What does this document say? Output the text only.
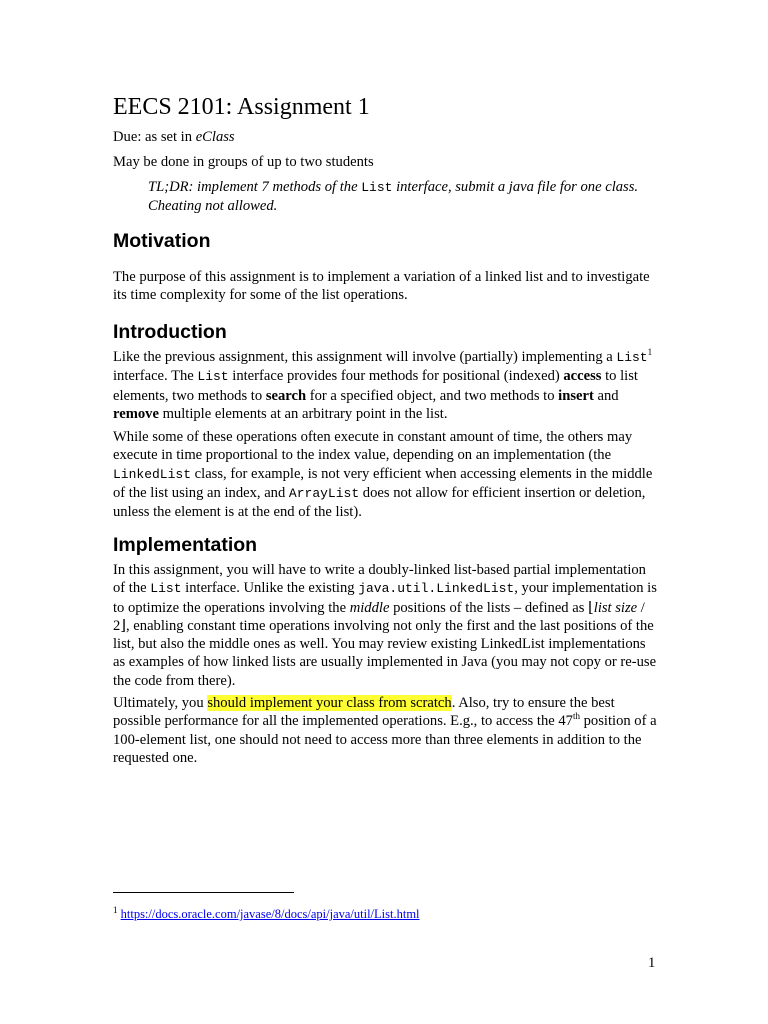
EECS 2101: Assignment 1
Due: as set in eClass
May be done in groups of up to two students
TL;DR: implement 7 methods of the List interface, submit a java file for one class. Cheating not allowed.
Motivation

The purpose of this assignment is to implement a variation of a linked list and to investigate its time complexity for some of the list operations.

Introduction

Like the previous assignment, this assignment will involve (partially) implementing a List$^1$ interface. The List interface provides four methods for positional (indexed) access to list elements, two methods to search for a specified object, and two methods to insert and remove multiple elements at an arbitrary point in the list.

While some of these operations often execute in constant amount of time, the others may execute in time proportional to the index value, depending on an implementation (the LinkedList class, for example, is not very efficient when accessing elements in the middle of the list using an index, and ArrayList does not allow for efficient insertion or deletion, unless the element is at the end of the list).

Implementation

In this assignment, you will have to write a doubly-linked list-based partial implementation of the List interface. Unlike the existing java.util.LinkedList, your implementation is to optimize the operations involving the middle positions of the lists – defined as ⌊list size / 2⌋, enabling constant time operations involving not only the first and the last positions of the list, but also the middle ones as well. You may review existing LinkedList implementations as examples of how linked lists are usually implemented in Java (you may not copy or re-use the code from there).

Ultimately, you should implement your class from scratch. Also, try to ensure the best possible performance for all the implemented operations. E.g., to access the 47th position of a 100-element list, one should not need to access more than three elements in addition to the requested one.

$^1$ https://docs.oracle.com/javase/8/docs/api/java/util/List.html
1
